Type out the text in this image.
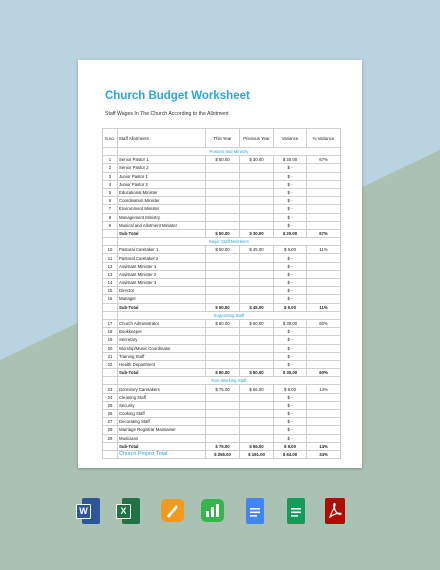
Church Budget Worksheet
Staff Wages In The Church According to the Allotment
S.no.	Staff Allotments	This Year	Previous Year	Variance	% Variance
	Pastors and Ministry				
1	Senior Pastor 1	$ 50.00	$ 30.00	$ 20.00	67%
2	Senior Pastor 2			$ -	
3	Junior Pastor 1			$ -	
4	Junior Pastor 2			$ -	
5	Educational Minister			$ -	
6	Coordination Minister			$ -	
7	Environment Minister			$ -	
8	Management Ministry			$ -	
9	Musical and Allotment Minister			$ -	
	Sub-Total	$ 50.00	$ 30.00	$ 20.00	67%
	Major Staff Members				
10	Pastoral Caretaker 1	$ 50.00	$ 45.00	$ 5.00	11%
11	Pastoral Caretaker 2			$ -	
12	Assistant Minister 1			$ -	
13	Assistant Minister 2			$ -	
14	Assistant Minister 3			$ -	
15	Director			$ -	
16	Manager			$ -	
	Sub-Total	$ 50.00	$ 45.00	$ 5.00	11%
	Supporting Staff				
17	Church Administrator	$ 80.00	$ 50.00	$ 30.00	60%
18	Bookkeeper			$ -	
19	Secretary			$ -	
20	Worship/Music Coordinator			$ -	
21	Training Staff			$ -	
22	Health Department			$ -	
	Sub-Total	$ 80.00	$ 50.00	$ 30.00	60%
	Non-Working Staff				
23	Dormitory Caretakers	$ 75.00	$ 66.00	$ 9.00	14%
24	Cleaning Staff			$ -	
25	Security			$ -	
26	Cooking Staff			$ -	
27	Decorating Staff			$ -	
28	Marriage Registrar Maintainer			$ -	
29	Musicians			$ -	
	Sub-Total	$ 75.00	$ 66.00	$ 9.00	14%
	Church Project Total	$ 255.00	$ 191.00	$ 64.00	34%
W	X
